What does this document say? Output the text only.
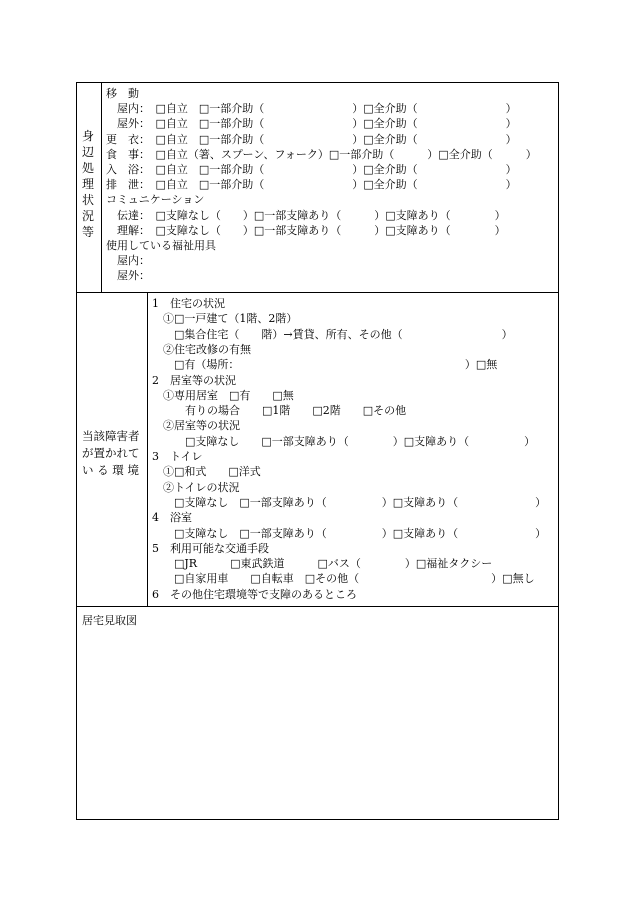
身
辺
処
理
状
況
等
移　動
　屋内：　□自立　□一部介助（　　　　　　　　）□全介助（　　　　　　　　）
　屋外：　□自立　□一部介助（　　　　　　　　）□全介助（　　　　　　　　）
更　衣：　□自立　□一部介助（　　　　　　　　）□全介助（　　　　　　　　）
食　事：　□自立（箸、スプーン、フォーク）□一部介助（　　　）□全介助（　　　）
入　浴：　□自立　□一部介助（　　　　　　　　）□全介助（　　　　　　　　）
排　泄：　□自立　□一部介助（　　　　　　　　）□全介助（　　　　　　　　）
コミュニケーション
　伝達：　□支障なし（　　）□一部支障あり（　　　）□支障あり（　　　　）
　理解：　□支障なし（　　）□一部支障あり（　　　）□支障あり（　　　　）
使用している福祉用具
　屋内：
　屋外：
当該障害者
が置かれて
い る 環 境
1　住宅の状況
　①□一戸建て（1階、2階）
　　□集合住宅（　　階）→賃貸、所有、その他（　　　　　　　　　）
　②住宅改修の有無
　　□有（場所：　　　　　　　　　　　　　　　　　　　　　）□無
2　居室等の状況
　①専用居室　□有　　□無
　　　有りの場合　　□1階　　□2階　　□その他
　②居室等の状況
　　　□支障なし　　□一部支障あり（　　　　）□支障あり（　　　　　）
3　トイレ
　①□和式　　□洋式
　②トイレの状況
　　□支障なし　□一部支障あり（　　　　　）□支障あり（　　　　　　　）
4　浴室
　　□支障なし　□一部支障あり（　　　　　）□支障あり（　　　　　　　）
5　利用可能な交通手段
　　□JR　　　□東武鉄道　　　□バス（　　　　）□福祉タクシー
　　□自家用車　　□自転車　□その他（　　　　　　　　　　　　）□無し
6　その他住宅環境等で支障のあるところ
居宅見取図
